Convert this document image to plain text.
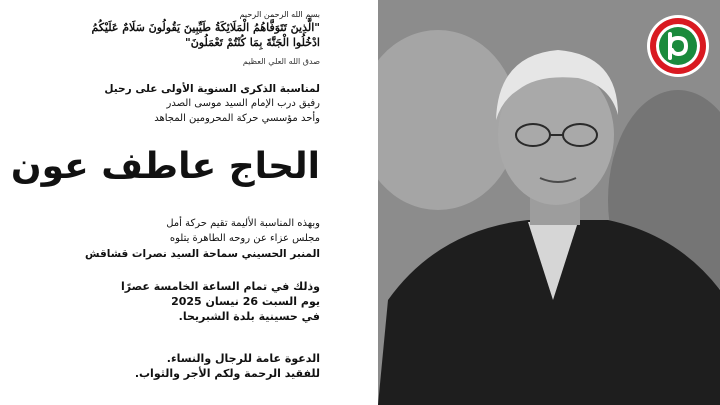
بسم الله الرحمن الرحيم
"الَّذِينَ تَتَوَفَّاهُمُ الْمَلَائِكَةُ طَيِّبِينَ يَقُولُونَ سَلَامٌ عَلَيْكُمُ
ادْخُلُوا الْجَنَّةَ بِمَا كُنْتُمْ تَعْمَلُونَ"
صدق الله العلي العظيم
لمناسبة الذكرى السنوية الأولى على رحيل
رفيق درب الإمام السيد موسى الصدر
وأحد مؤسسي حركة المحرومين المجاهد
الحاج عاطف عون
وبهذه المناسبة الأليمة تقيم حركة أمل
مجلس عزاء عن روحه الطاهرة يتلوه
المنبر الحسيني سماحة السيد نصرات قشاقش
وذلك في تمام الساعة الخامسة عصرًا
يوم السبت 26 نيسان 2025
في حسينية بلدة الشبريحا.
الدعوة عامة للرجال والنساء.
للفقيد الرحمة ولكم الأجر والثواب.
